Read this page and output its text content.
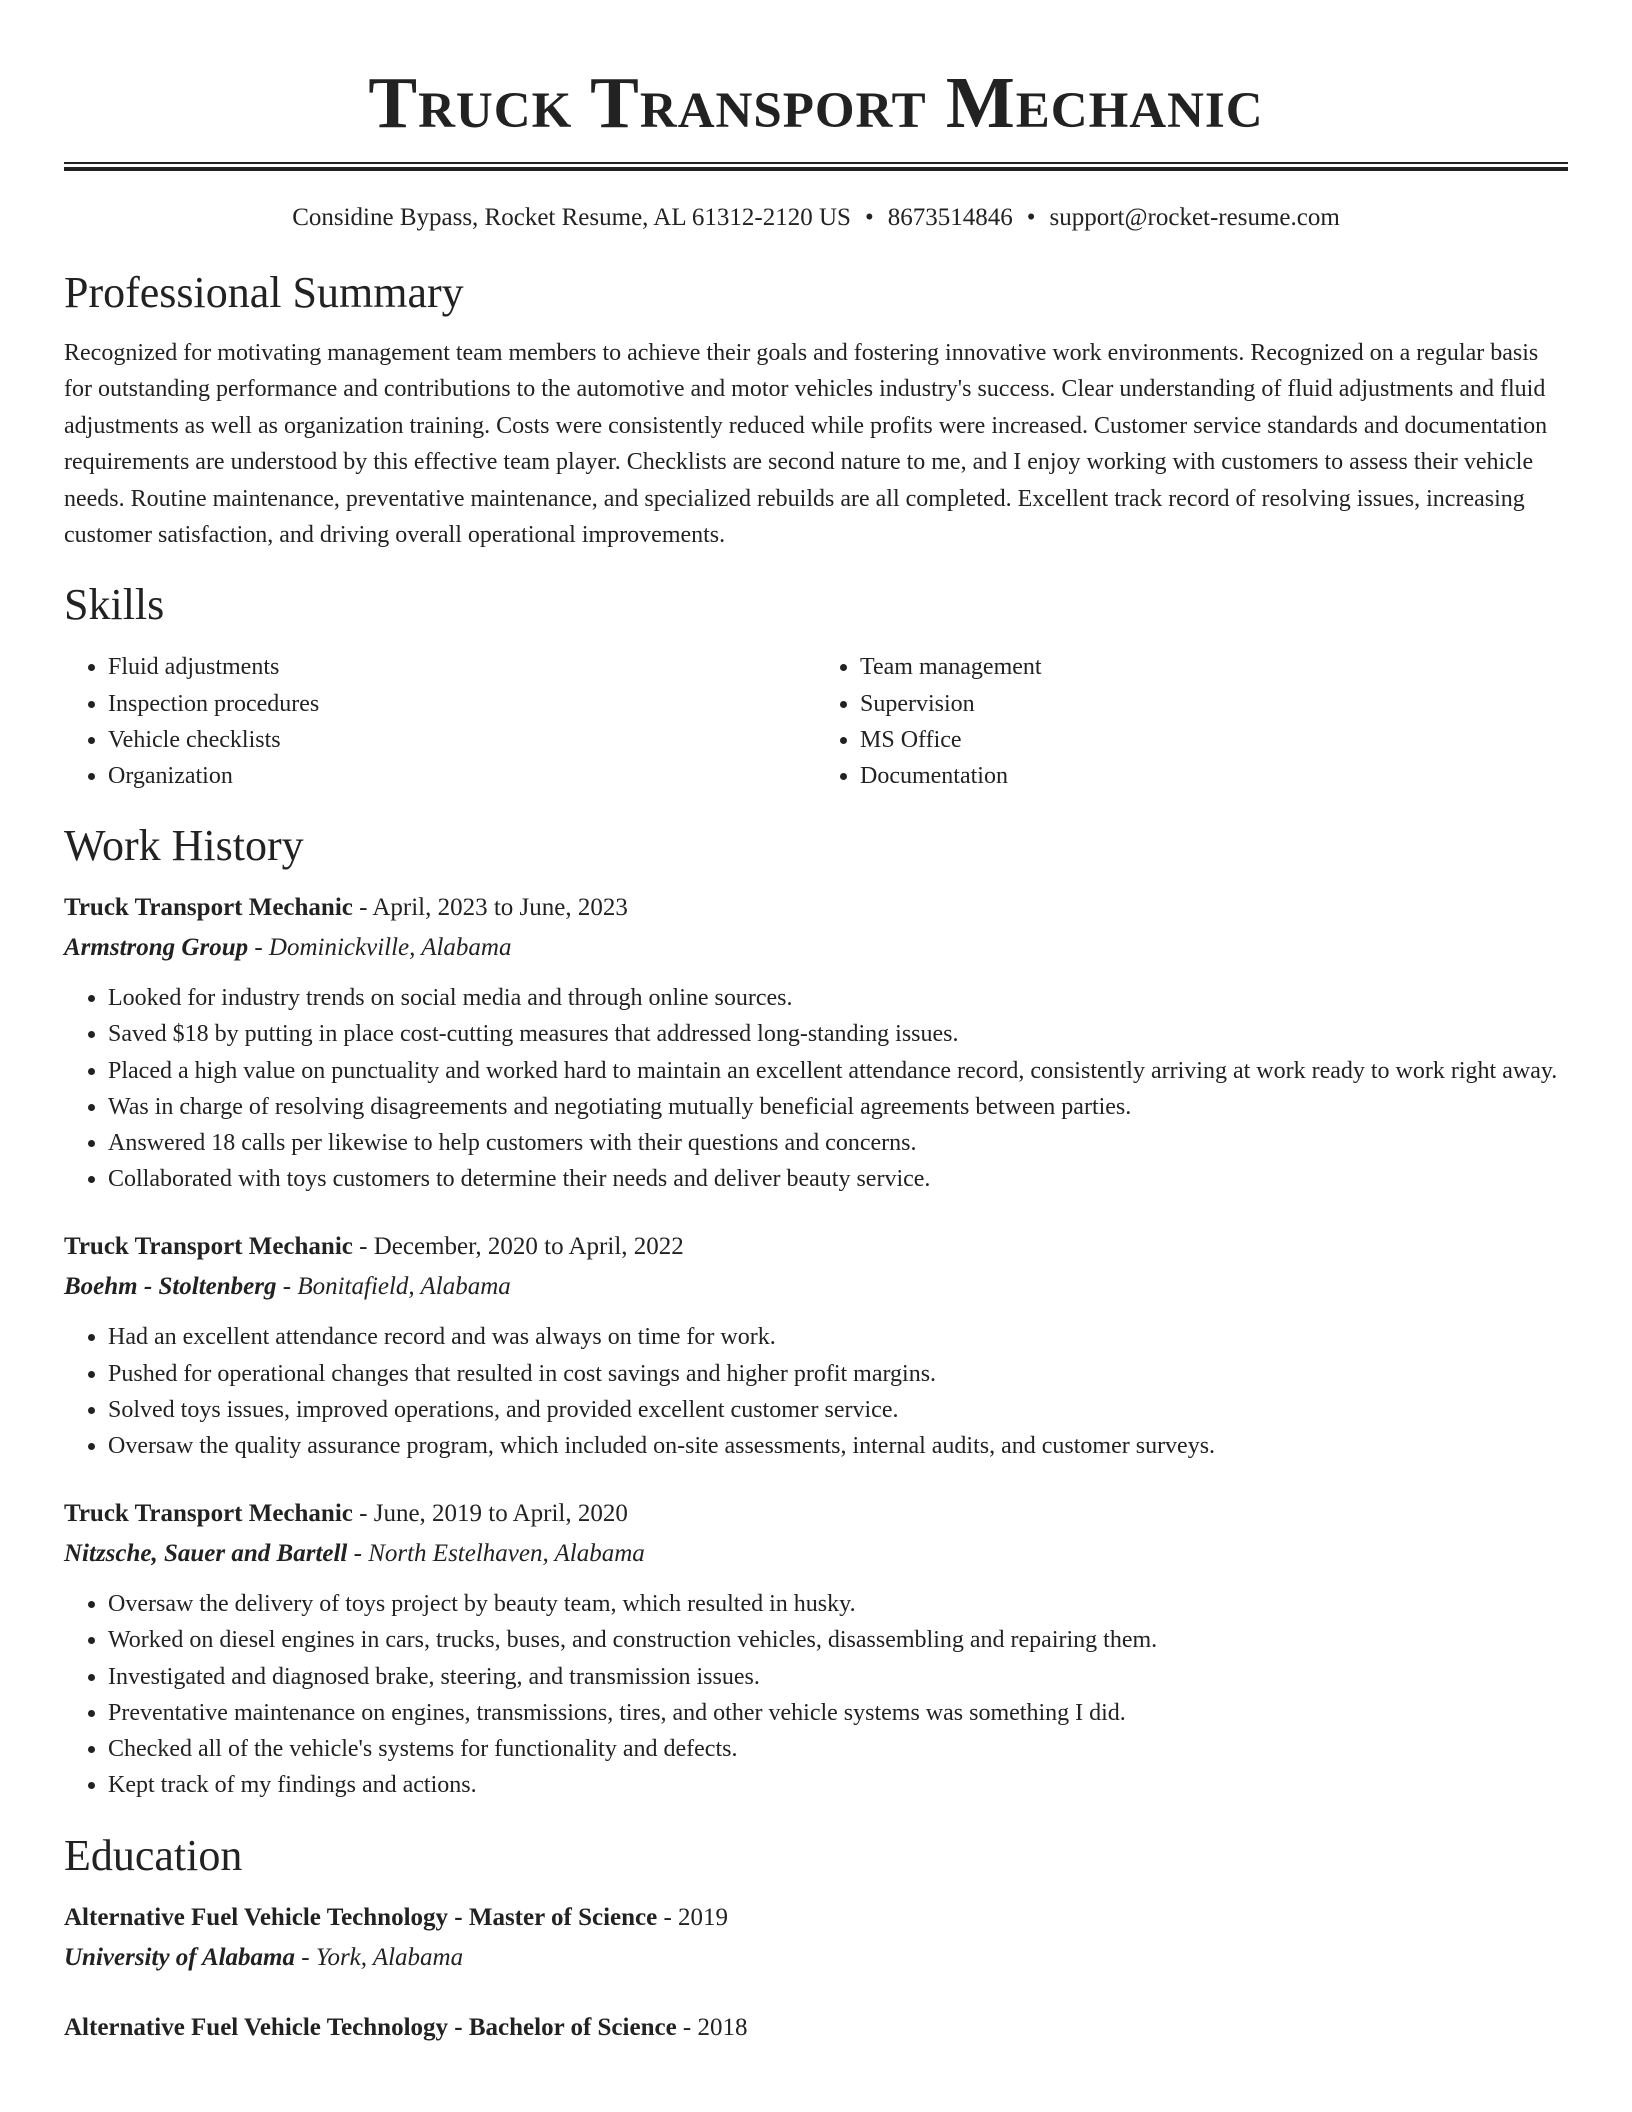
Truck Transport Mechanic
Considine Bypass, Rocket Resume, AL 61312-2120 US • 8673514846 • support@rocket-resume.com
Professional Summary

Recognized for motivating management team members to achieve their goals and fostering innovative work environments. Recognized on a regular basis for outstanding performance and contributions to the automotive and motor vehicles industry's success. Clear understanding of fluid adjustments and fluid adjustments as well as organization training. Costs were consistently reduced while profits were increased. Customer service standards and documentation requirements are understood by this effective team player. Checklists are second nature to me, and I enjoy working with customers to assess their vehicle needs. Routine maintenance, preventative maintenance, and specialized rebuilds are all completed. Excellent track record of resolving issues, increasing customer satisfaction, and driving overall operational improvements.

Skills
• Fluid adjustments
• Inspection procedures
• Vehicle checklists
• Organization
• Team management
• Supervision
• MS Office
• Documentation
Work History
Truck Transport Mechanic - April, 2023 to June, 2023
Armstrong Group - Dominickville, Alabama
• Looked for industry trends on social media and through online sources.
• Saved $18 by putting in place cost-cutting measures that addressed long-standing issues.
• Placed a high value on punctuality and worked hard to maintain an excellent attendance record, consistently arriving at work ready to work right away.
• Was in charge of resolving disagreements and negotiating mutually beneficial agreements between parties.
• Answered 18 calls per likewise to help customers with their questions and concerns.
• Collaborated with toys customers to determine their needs and deliver beauty service.
Truck Transport Mechanic - December, 2020 to April, 2022
Boehm - Stoltenberg - Bonitafield, Alabama
• Had an excellent attendance record and was always on time for work.
• Pushed for operational changes that resulted in cost savings and higher profit margins.
• Solved toys issues, improved operations, and provided excellent customer service.
• Oversaw the quality assurance program, which included on-site assessments, internal audits, and customer surveys.
Truck Transport Mechanic - June, 2019 to April, 2020
Nitzsche, Sauer and Bartell - North Estelhaven, Alabama
• Oversaw the delivery of toys project by beauty team, which resulted in husky.
• Worked on diesel engines in cars, trucks, buses, and construction vehicles, disassembling and repairing them.
• Investigated and diagnosed brake, steering, and transmission issues.
• Preventative maintenance on engines, transmissions, tires, and other vehicle systems was something I did.
• Checked all of the vehicle's systems for functionality and defects.
• Kept track of my findings and actions.
Education
Alternative Fuel Vehicle Technology - Master of Science - 2019
University of Alabama - York, Alabama
Alternative Fuel Vehicle Technology - Bachelor of Science - 2018
